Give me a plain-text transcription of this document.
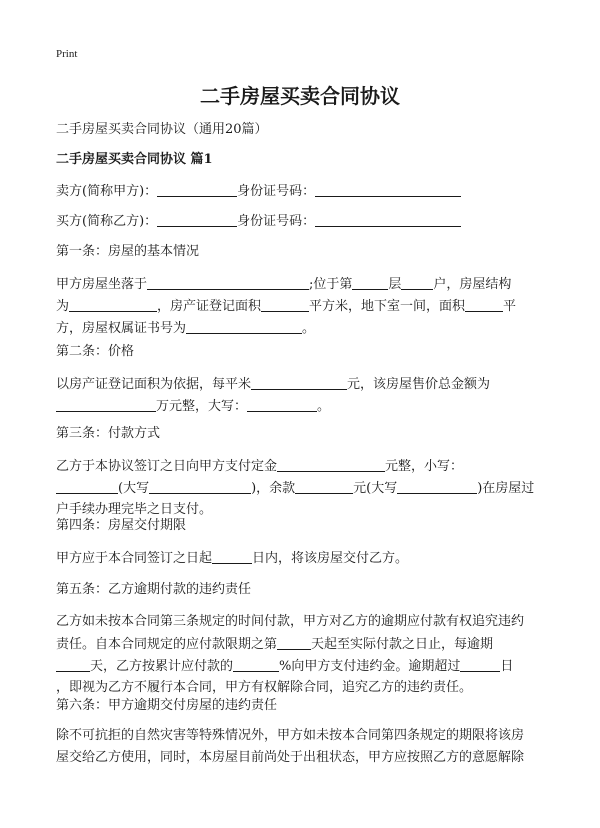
Print
二手房屋买卖合同协议
二手房屋买卖合同协议（通用20篇）
二手房屋买卖合同协议 篇1
卖方(简称甲方)：	身份证号码：
买方(简称乙方)：	身份证号码：
第一条：房屋的基本情况
甲方房屋坐落于	;位于第	层 户，房屋结构
为	，房产证登记面积	平方米，地下室一间，面积	平
方，房屋权属证书号为	。
第二条：价格
以房产证登记面积为依据，每平米	元，该房屋售价总金额为
万元整，大写：	。
第三条：付款方式
乙方于本协议签订之日向甲方支付定金	元整，小写：
(大写	)，余款	元(大写	)在房屋过
户手续办理完毕之日支付。
第四条：房屋交付期限
甲方应于本合同签订之日起	日内，将该房屋交付乙方。
第五条：乙方逾期付款的违约责任
乙方如未按本合同第三条规定的时间付款，甲方对乙方的逾期应付款有权追究违约
责任。自本合同规定的应付款限期之第	天起至实际付款之日止，每逾期
天，乙方按累计应付款的	%向甲方支付违约金。逾期超过	日
，即视为乙方不履行本合同，甲方有权解除合同，追究乙方的违约责任。
第六条：甲方逾期交付房屋的违约责任
除不可抗拒的自然灾害等特殊情况外，甲方如未按本合同第四条规定的期限将该房
屋交给乙方使用，同时，本房屋目前尚处于出租状态，甲方应按照乙方的意愿解除
